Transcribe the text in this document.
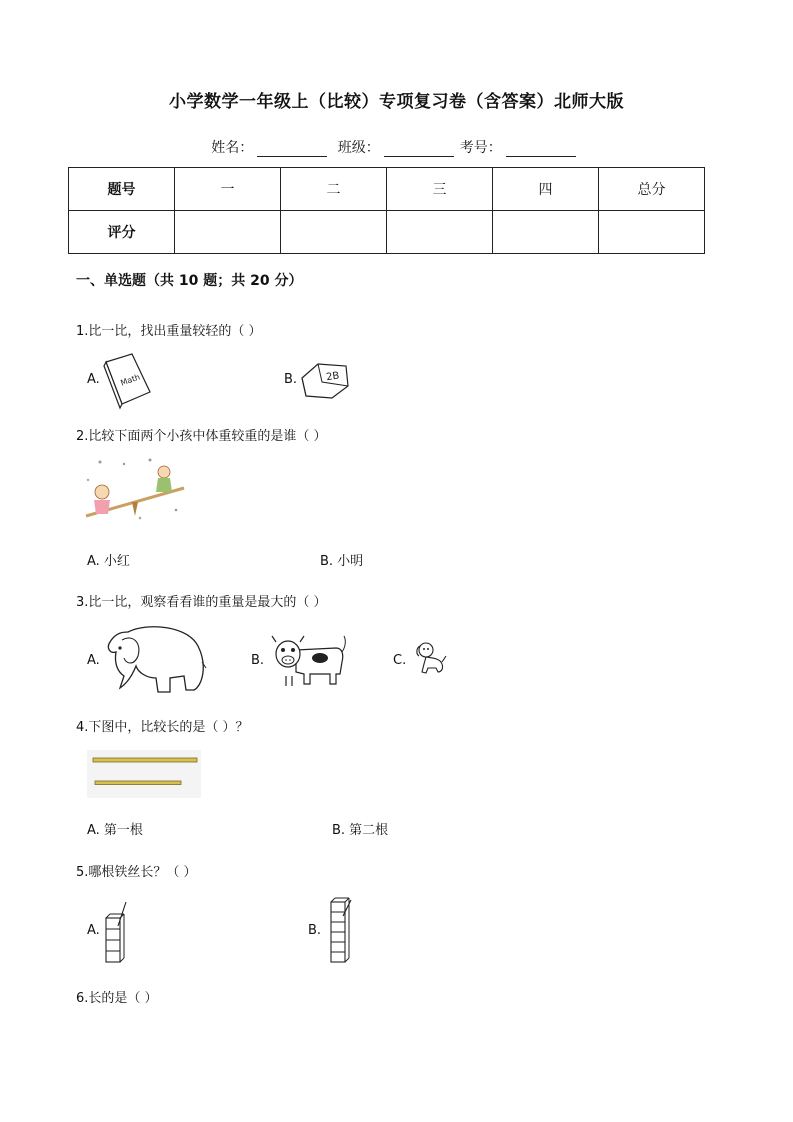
小学数学一年级上（比较）专项复习卷（含答案）北师大版
姓名：	班级：	考号：
题号	一	二	三	四	总分
评分					
一、单选题（共 10 题；共 20 分）
1.比一比，找出重量较轻的（ ）
A. Math	B.	2B
2.比较下面两个小孩中体重较重的是谁（ ）
A. 小红	B. 小明
3.比一比，观察看看谁的重量是最大的（ ）
A.	B.	C.
4.下图中，比较长的是（ ）？
A. 第一根	B. 第二根
5.哪根铁丝长？（ ）
A.	B.
6.长的是（ ）
